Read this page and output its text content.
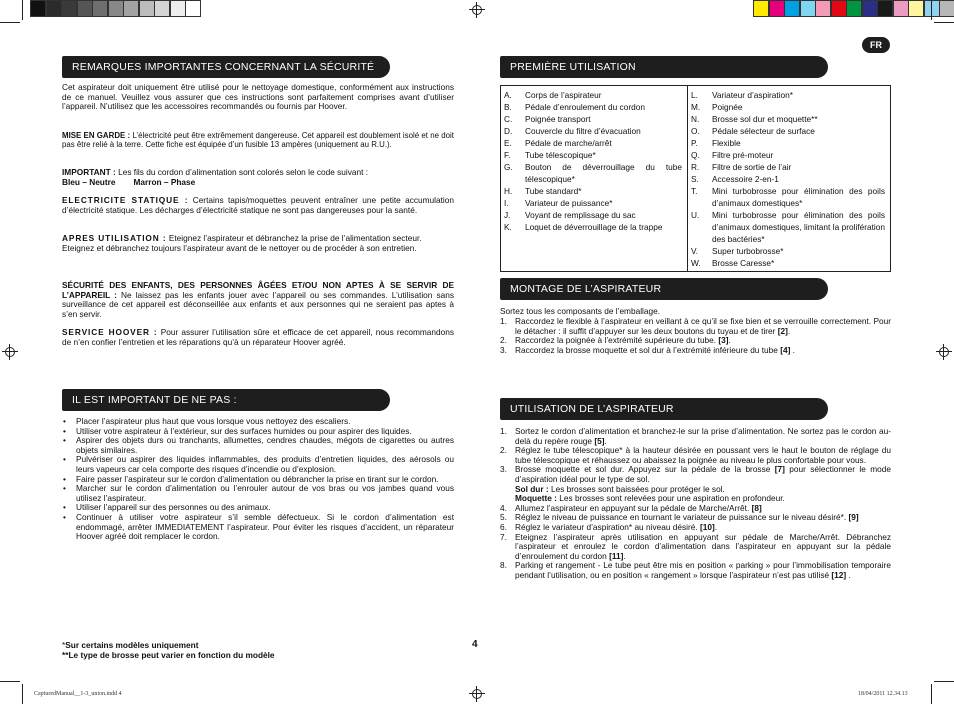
FR
REMARQUES IMPORTANTES CONCERNANT LA SÉCURITÉ

Cet aspirateur doit uniquement être utilisé pour le nettoyage domestique, conformément aux instructions de ce manuel. Veuillez vous assurer que ces instructions sont parfaitement comprises avant d’utiliser l’appareil. N’utilisez que les accessoires recommandés ou fournis par Hoover.

MISE EN GARDE : L’électricité peut être extrêmement dangereuse. Cet appareil est doublement isolé et ne doit pas être relié à la terre. Cette fiche est équipée d’un fusible 13 ampères (uniquement au R.U.).

IMPORTANT : Les fils du cordon d’alimentation sont colorés selon le code suivant :
Bleu – Neutre Marron – Phase

ELECTRICITE STATIQUE : Certains tapis/moquettes peuvent entraîner une petite accumulation d’électricité statique. Les décharges d’électricité statique ne sont pas dangereuses pour la santé.

APRES UTILISATION : Eteignez l’aspirateur et débranchez la prise de l’alimentation secteur.
Eteignez et débranchez toujours l’aspirateur avant de le nettoyer ou de procéder à son entretien.

SÉCURITÉ DES ENFANTS, DES PERSONNES ÂGÉES ET/OU NON APTES À SE SERVIR DE L’APPAREIL : Ne laissez pas les enfants jouer avec l’appareil ou ses commandes. L’utilisation sans surveillance de cet appareil est déconseillée aux enfants et aux personnes qui ne seraient pas aptes à s’en servir.

SERVICE HOOVER : Pour assurer l’utilisation sûre et efficace de cet appareil, nous recommandons de n’en confier l’entretien et les réparations qu’à un réparateur Hoover agréé.

IL EST IMPORTANT DE NE PAS :
• Placer l’aspirateur plus haut que vous lorsque vous nettoyez des escaliers.
• Utiliser votre aspirateur à l’extérieur, sur des surfaces humides ou pour aspirer des liquides.
• Aspirer des objets durs ou tranchants, allumettes, cendres chaudes, mégots de cigarettes ou autres objets similaires.
• Pulvériser ou aspirer des liquides inflammables, des produits d’entretien liquides, des aérosols ou leurs vapeurs car cela comporte des risques d’incendie ou d’explosion.
• Faire passer l’aspirateur sur le cordon d’alimentation ou débrancher la prise en tirant sur le cordon.
• Marcher sur le cordon d’alimentation ou l’enrouler autour de vos bras ou vos jambes quand vous utilisez l’aspirateur.
• Utiliser l’appareil sur des personnes ou des animaux.
• Continuer à utiliser votre aspirateur s’il semble défectueux. Si le cordon d’alimentation est endommagé, arrêter IMMEDIATEMENT l’aspirateur. Pour éviter les risques d’accident, un réparateur Hoover agréé doit remplacer le cordon.
*Sur certains modèles uniquement
**Le type de brosse peut varier en fonction du modèle
4
PREMIÈRE UTILISATION
A. Corps de l’aspirateur
B. Pédale d’enroulement du cordon
C. Poignée transport
D. Couvercle du filtre d’évacuation
E. Pédale de marche/arrêt
F. Tube télescopique*
G. Bouton de déverrouillage du tube télescopique*
H. Tube standard*
I. Variateur de puissance*
J. Voyant de remplissage du sac
K. Loquet de déverrouillage de la trappe
L. Variateur d’aspiration*
M. Poignée
N. Brosse sol dur et moquette**
O. Pédale sélecteur de surface
P. Flexible
Q. Filtre pré-moteur
R. Filtre de sortie de l’air
S. Accessoire 2-en-1
T. Mini turbobrosse pour élimination des poils d’animaux domestiques*
U. Mini turbobrosse pour élimination des poils d’animaux domestiques, limitant la prolifération des bactéries*
V. Super turbobrosse*
W. Brosse Caresse*
MONTAGE DE L’ASPIRATEUR

Sortez tous les composants de l’emballage.

1. Raccordez le flexible à l’aspirateur en veillant à ce qu’il se fixe bien et se verrouille correctement. Pour le détacher : il suffit d’appuyer sur les deux boutons du tuyau et de tirer [2].
2. Raccordez la poignée à l’extrémité supérieure du tube. [3].
3. Raccordez la brosse moquette et sol dur à l’extrémité inférieure du tube [4] .
UTILISATION DE L’ASPIRATEUR
1. Sortez le cordon d’alimentation et branchez-le sur la prise d’alimentation. Ne sortez pas le cordon au-delà du repère rouge [5].
2. Réglez le tube télescopique* à la hauteur désirée en poussant vers le haut le bouton de réglage du tube télescopique et réhaussez ou abaissez la poignée au niveau le plus confortable pour vous.
3. Brosse moquette et sol dur. Appuyez sur la pédale de la brosse [7] pour sélectionner le mode d’aspiration idéal pour le type de sol.
Sol dur : Les brosses sont baissées pour protéger le sol.
Moquette : Les brosses sont relevées pour une aspiration en profondeur.
4. Allumez l’aspirateur en appuyant sur la pédale de Marche/Arrêt. [8]
5. Réglez le niveau de puissance en tournant le variateur de puissance sur le niveau désiré*. [9]
6. Réglez le variateur d’aspiration* au niveau désiré. [10].
7. Eteignez l’aspirateur après utilisation en appuyant sur pédale de Marche/Arrêt. Débranchez l’aspirateur et enroulez le cordon d’alimentation dans l’aspirateur en appuyant sur la pédale d’enroulement du cordon [11].
8. Parking et rangement - Le tube peut être mis en position « parking » pour l’immobilisation temporaire pendant l’utilisation, ou en position « rangement » lorsque l’aspirateur n’est pas utilisé [12] .
CapturedManual__1-3_union.indd 4	18/04/2011 12.34.13
